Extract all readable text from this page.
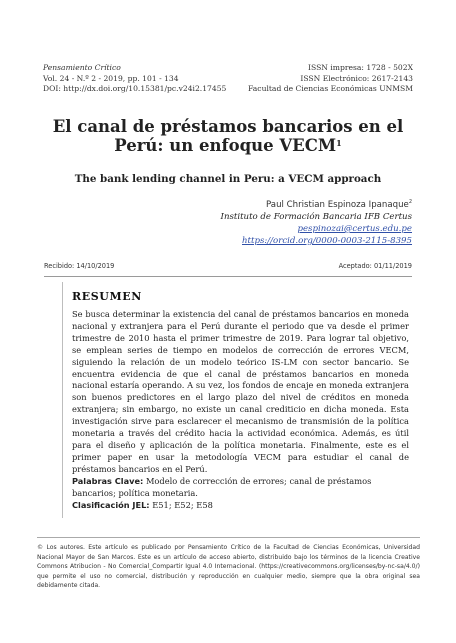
Pensamiento Crítico
Vol. 24 - N.º 2 - 2019, pp. 101 - 134
DOI: http://dx.doi.org/10.15381/pc.v24i2.17455
ISSN impresa: 1728 - 502X
ISSN Electrónico: 2617-2143
Facultad de Ciencias Económicas UNMSM
El canal de préstamos bancarios en el
Perú: un enfoque VECM$^1$
The bank lending channel in Peru: a VECM approach
Paul Christian Espinoza Ipanaque$^2$
Instituto de Formación Bancaria IFB Certus
pespinozai@certus.edu.pe
https://orcid.org/0000-0003-2115-8395
Recibido: 14/10/2019	Aceptado: 01/11/2019
RESUMEN
Se busca determinar la existencia del canal de préstamos bancarios en moneda nacional y extranjera para el Perú durante el periodo que va desde el primer trimestre de 2010 hasta el primer trimestre de 2019. Para lograr tal objetivo, se emplean series de tiempo en modelos de corrección de errores VECM, siguiendo la relación de un modelo teórico IS-LM con sector bancario. Se encuentra evidencia de que el canal de préstamos bancarios en moneda nacional estaría operando. A su vez, los fondos de encaje en moneda extranjera son buenos predictores en el largo plazo del nivel de créditos en moneda extranjera; sin embargo, no existe un canal crediticio en dicha moneda. Esta investigación sirve para esclarecer el mecanismo de transmisión de la política monetaria a través del crédito hacia la actividad económica. Además, es útil para el diseño y aplicación de la política monetaria. Finalmente, este es el primer paper en usar la metodología VECM para estudiar el canal de préstamos bancarios en el Perú.
Palabras Clave: Modelo de corrección de errores; canal de préstamos bancarios; política monetaria.
Clasificación JEL: E51; E52; E58
© Los autores. Este artículo es publicado por Pensamiento Crítico de la Facultad de Ciencias Económicas, Universidad Nacional Mayor de San Marcos. Este es un artículo de acceso abierto, distribuido bajo los términos de la licencia Creative Commons Atribucion - No Comercial_Compartir Igual 4.0 Internacional. (https://creativecommons.org/licenses/by-nc-sa/4.0/) que permite el uso no comercial, distribución y reproducción en cualquier medio, siempre que la obra original sea debidamente citada.
